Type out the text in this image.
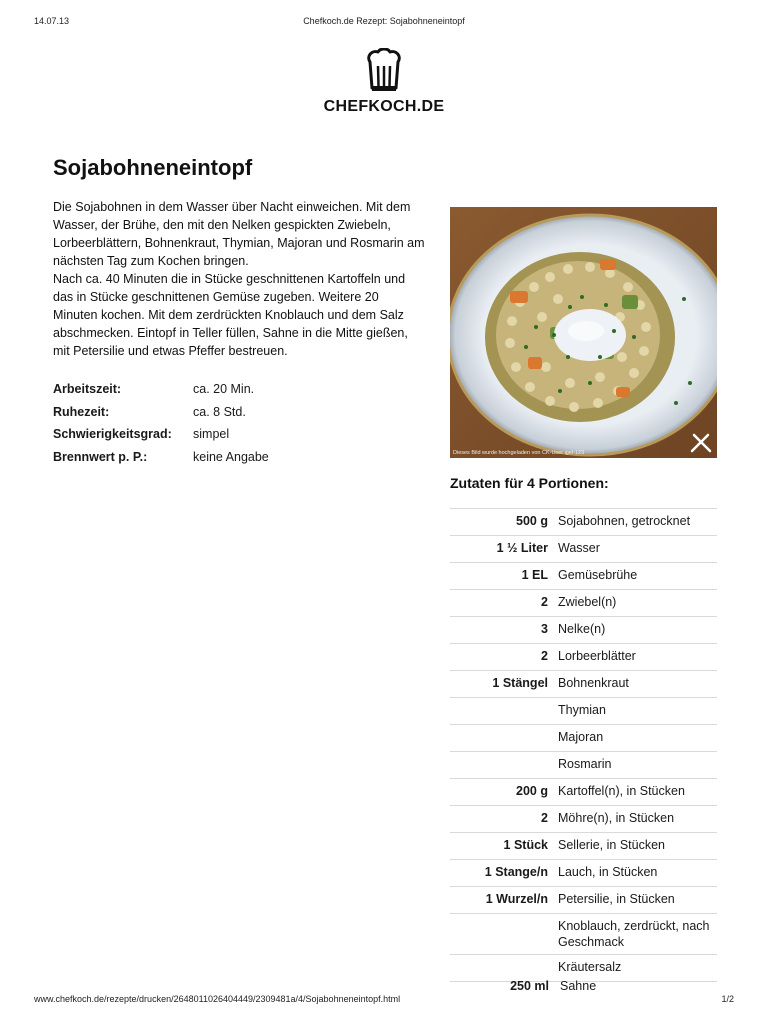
14.07.13	Chefkoch.de Rezept: Sojabohneneintopf
CHEFKOCH.DE
Sojabohneneintopf

Die Sojabohnen in dem Wasser über Nacht einweichen. Mit dem Wasser, der Brühe, den mit den Nelken gespickten Zwiebeln, Lorbeerblättern, Bohnenkraut, Thymian, Majoran und Rosmarin am nächsten Tag zum Kochen bringen.
Nach ca. 40 Minuten die in Stücke geschnittenen Kartoffeln und das in Stücke geschnittenen Gemüse zugeben. Weitere 20 Minuten kochen. Mit dem zerdrückten Knoblauch und dem Salz abschmecken. Eintopf in Teller füllen, Sahne in die Mitte gießen, mit Petersilie und etwas Pfeffer bestreuen.

Arbeitszeit:	ca. 20 Min.
Ruhezeit:	ca. 8 Std.
Schwierigkeitsgrad:	simpel
Brennwert p. P.:	keine Angabe	Dieses Bild wurde hochgeladen von CK-User igel-123
Zutaten für 4 Portionen:
500 g	Sojabohnen, getrocknet
1 ½ Liter	Wasser
1 EL	Gemüsebrühe
2	Zwiebel(n)
3	Nelke(n)
2	Lorbeerblätter
1 Stängel	Bohnenkraut
	Thymian
	Majoran
	Rosmarin
200 g	Kartoffel(n), in Stücken
2	Möhre(n), in Stücken
1 Stück	Sellerie, in Stücken
1 Stange/n	Lauch, in Stücken
1 Wurzel/n	Petersilie, in Stücken
	Knoblauch, zerdrückt, nach Geschmack
	Kräutersalz

250 ml	Sahne
www.chefkoch.de/rezepte/drucken/2648011026404449/2309481a/4/Sojabohneneintopf.html	1/2
